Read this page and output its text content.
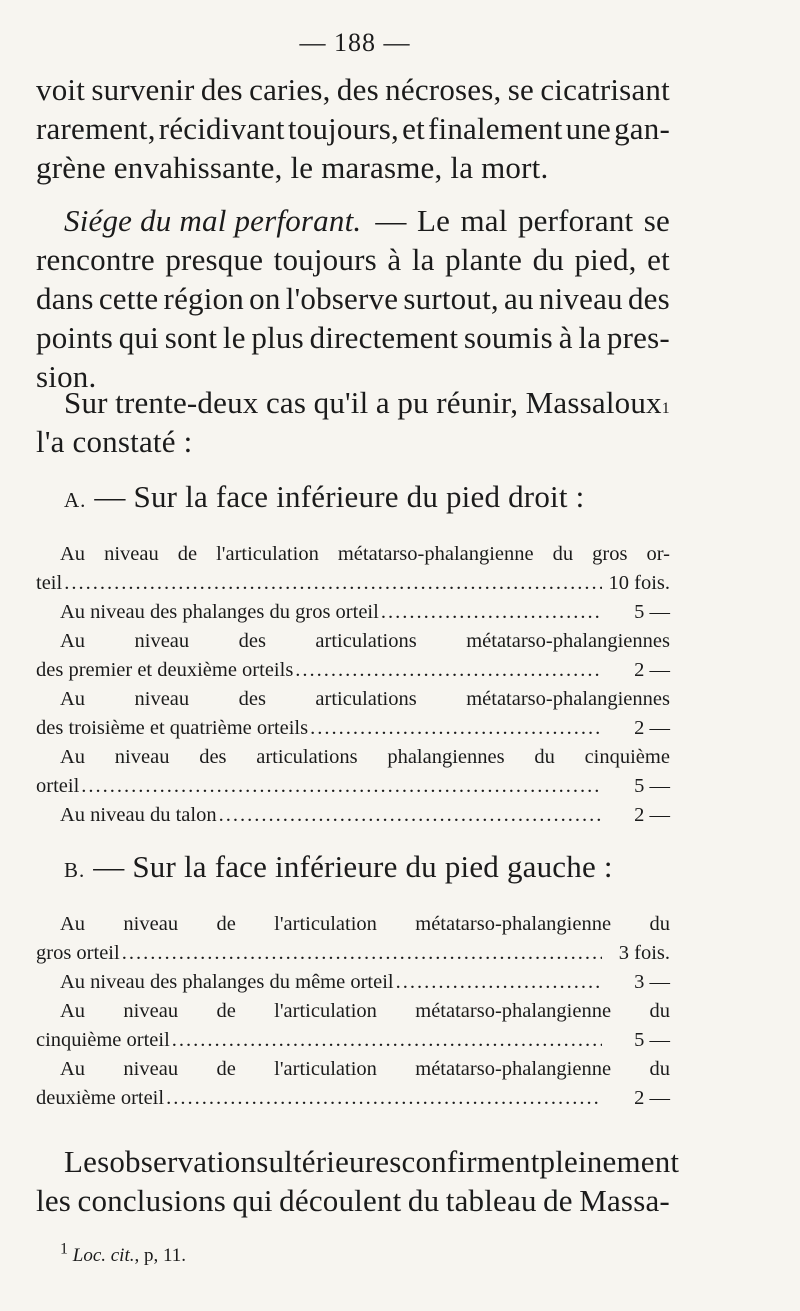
— 188 —
voit survenir des caries, des nécroses, se cicatrisant
rarement, récidivant toujours, et finalement une gan-
grène envahissante, le marasme, la mort.
Siége du mal perforant. — Le mal perforant se
rencontre presque toujours à la plante du pied, et
dans cette région on l'observe surtout, au niveau des
points qui sont le plus directement soumis à la pres-
sion.
Sur trente-deux cas qu'il a pu réunir, Massaloux 1
l'a constaté :
A. — Sur la face inférieure du pied droit :
Au niveau de l'articulation métatarso-phalangienne du gros or-
teil .....	10 fois.
Au niveau des phalanges du gros orteil .....	5 —
Au niveau des articulations métatarso-phalangiennes
des premier et deuxième orteils .....	2 —
Au niveau des articulations métatarso-phalangiennes
des troisième et quatrième orteils .....	2 —
Au niveau des articulations phalangiennes du cinquième
orteil .....	5 —
Au niveau du talon .....	2 —
B. — Sur la face inférieure du pied gauche :
Au niveau de l'articulation métatarso-phalangienne du
gros orteil .....	3 fois.
Au niveau des phalanges du même orteil .....	3 —
Au niveau de l'articulation métatarso-phalangienne du
cinquième orteil .....	5 —
Au niveau de l'articulation métatarso-phalangienne du
deuxième orteil .....	2 —
Les observations ultérieures confirment pleinement
les conclusions qui découlent du tableau de Massa-
$^1$ Loc. cit., p, 11.
